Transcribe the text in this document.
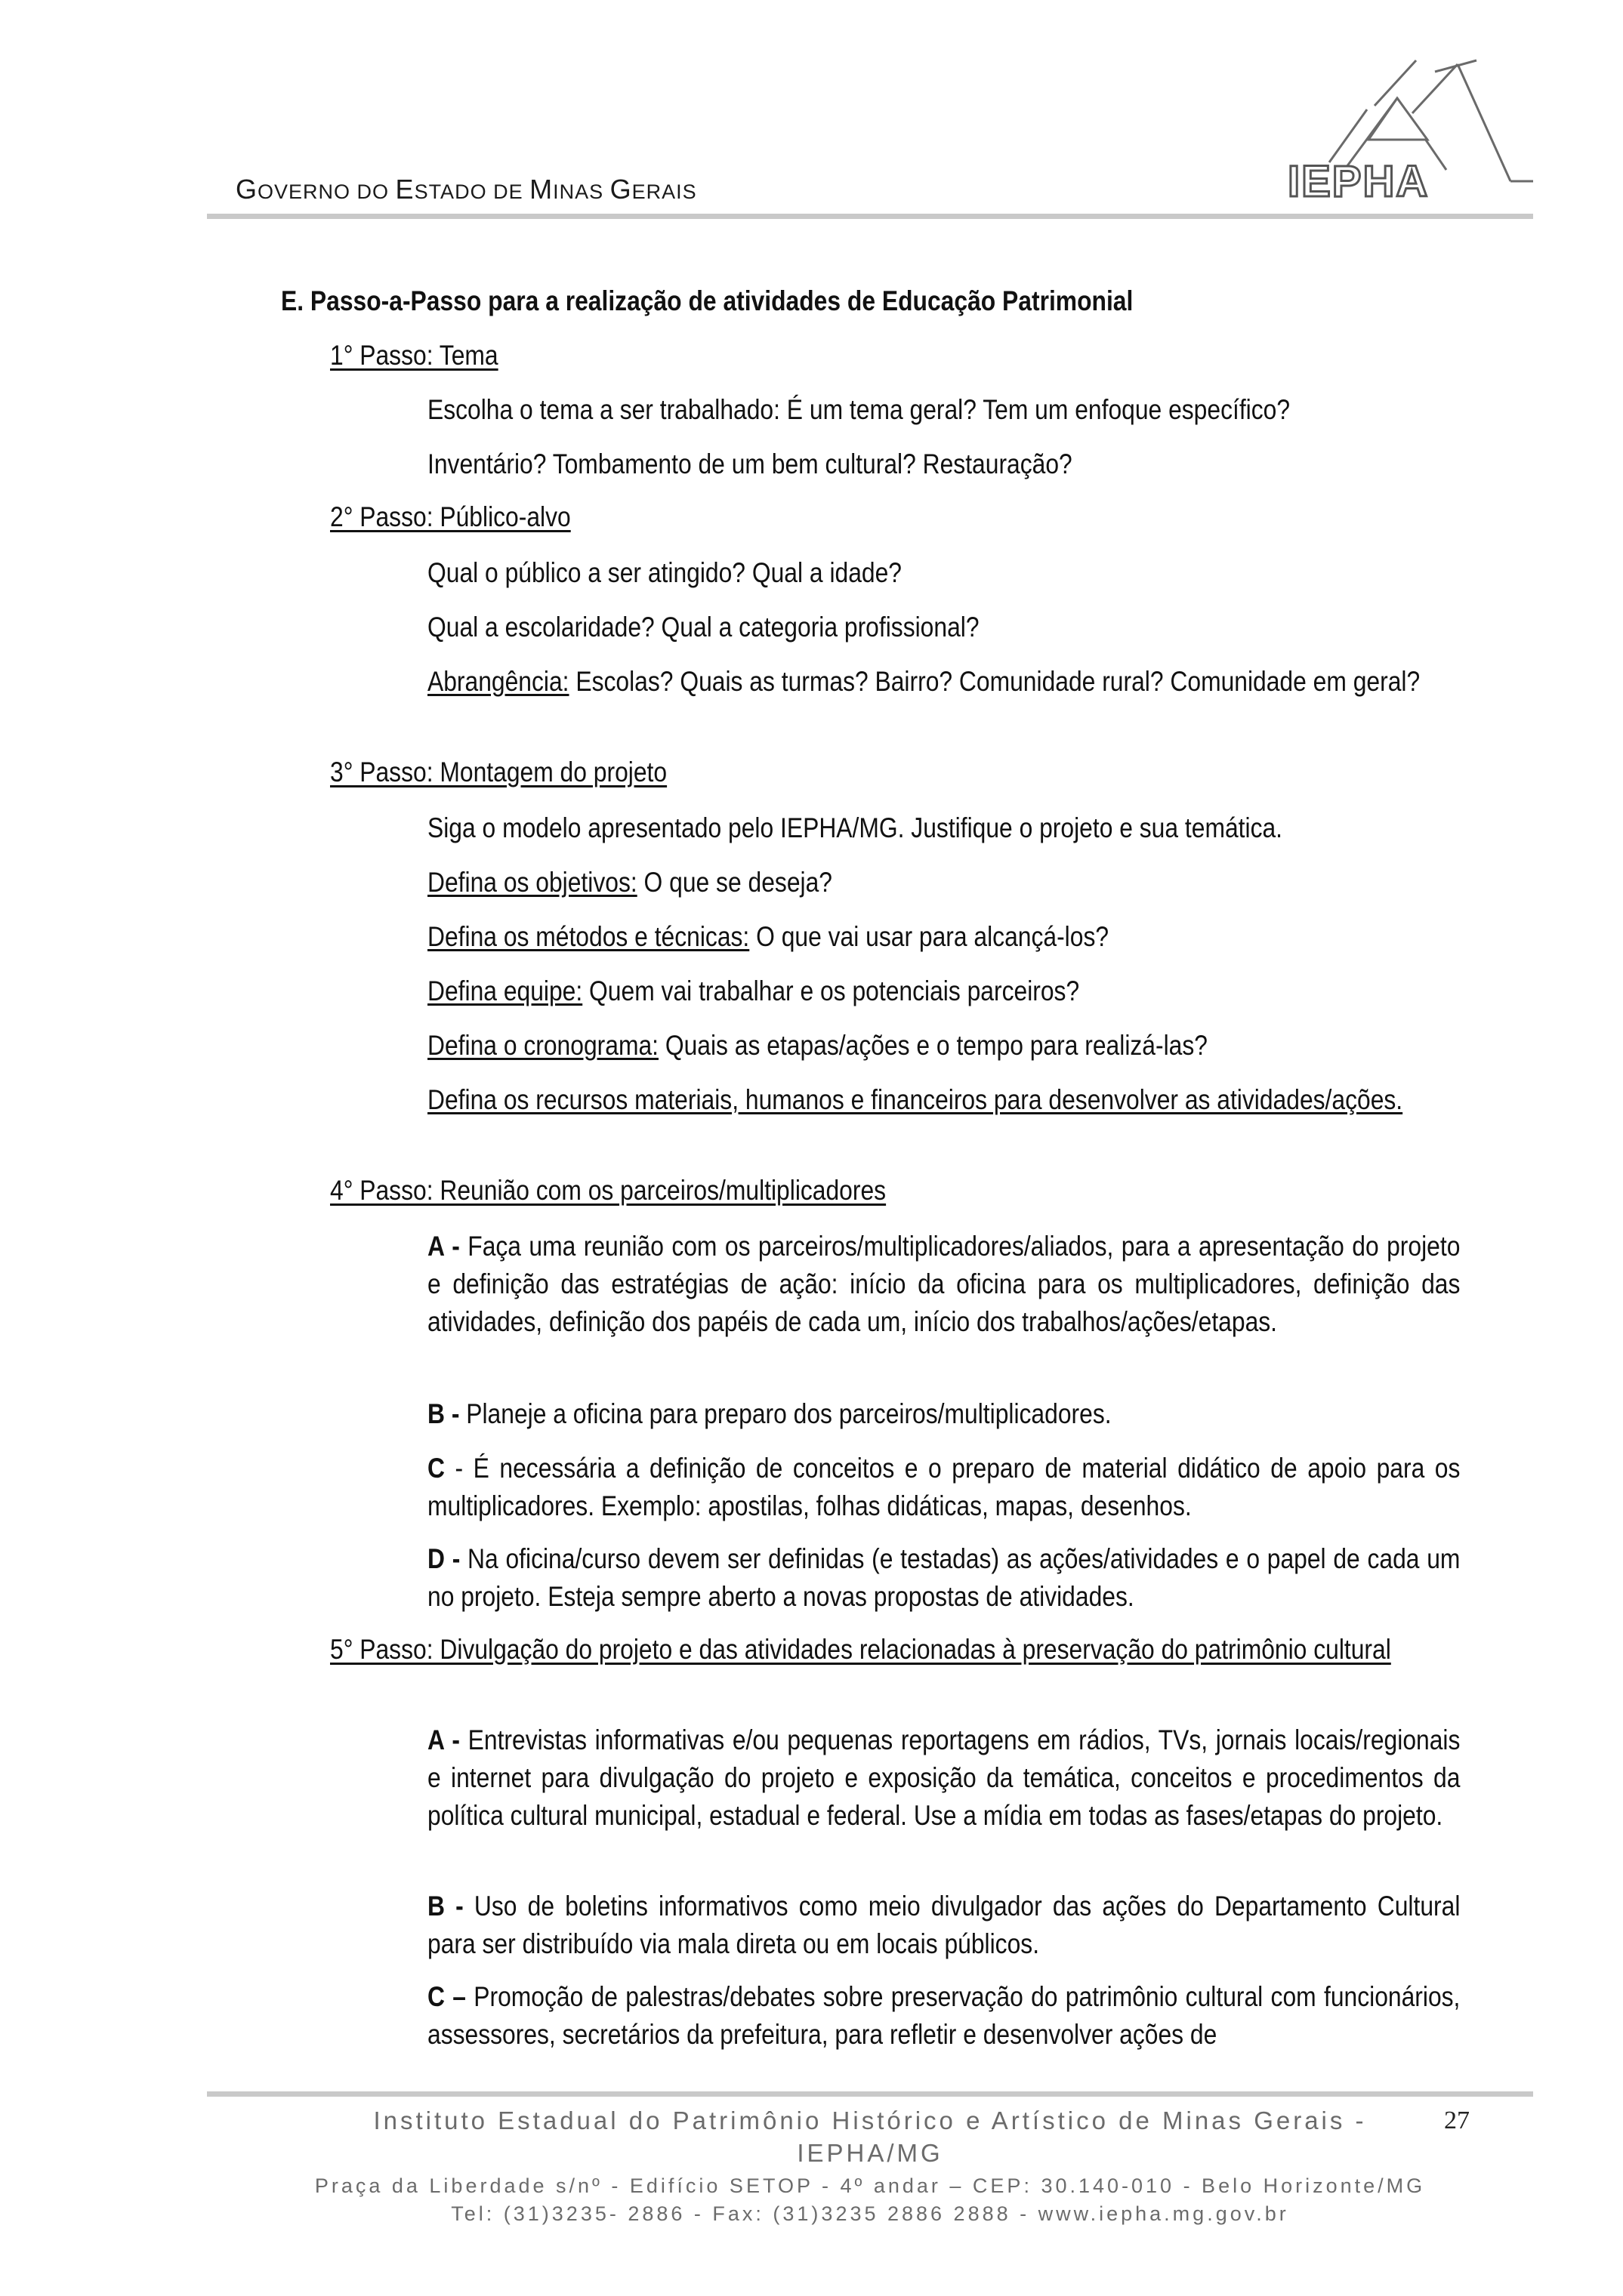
GOVERNO DO ESTADO DE MINAS GERAIS	IEPHA
E. Passo-a-Passo para a realização de atividades de Educação Patrimonial
1° Passo: Tema
Escolha o tema a ser trabalhado: É um tema geral? Tem um enfoque específico?
Inventário? Tombamento de um bem cultural? Restauração?
2° Passo: Público-alvo
Qual o público a ser atingido? Qual a idade?
Qual a escolaridade? Qual a categoria profissional?
Abrangência: Escolas? Quais as turmas? Bairro? Comunidade rural? Comunidade em geral?
3° Passo: Montagem do projeto
Siga o modelo apresentado pelo IEPHA/MG. Justifique o projeto e sua temática.
Defina os objetivos: O que se deseja?
Defina os métodos e técnicas: O que vai usar para alcançá-los?
Defina equipe: Quem vai trabalhar e os potenciais parceiros?
Defina o cronograma: Quais as etapas/ações e o tempo para realizá-las?
Defina os recursos materiais, humanos e financeiros para desenvolver as atividades/ações.
4° Passo: Reunião com os parceiros/multiplicadores
A - Faça uma reunião com os parceiros/multiplicadores/aliados, para a apresentação do projeto e definição das estratégias de ação: início da oficina para os multiplicadores, definição das atividades, definição dos papéis de cada um, início dos trabalhos/ações/etapas.
B - Planeje a oficina para preparo dos parceiros/multiplicadores.
C - É necessária a definição de conceitos e o preparo de material didático de apoio para os multiplicadores. Exemplo: apostilas, folhas didáticas, mapas, desenhos.
D - Na oficina/curso devem ser definidas (e testadas) as ações/atividades e o papel de cada um no projeto. Esteja sempre aberto a novas propostas de atividades.
5° Passo: Divulgação do projeto e das atividades relacionadas à preservação do patrimônio cultural
A - Entrevistas informativas e/ou pequenas reportagens em rádios, TVs, jornais locais/regionais e internet para divulgação do projeto e exposição da temática, conceitos e procedimentos da política cultural municipal, estadual e federal. Use a mídia em todas as fases/etapas do projeto.
B - Uso de boletins informativos como meio divulgador das ações do Departamento Cultural para ser distribuído via mala direta ou em locais públicos.
C – Promoção de palestras/debates sobre preservação do patrimônio cultural com funcionários, assessores, secretários da prefeitura, para refletir e desenvolver ações de
Instituto Estadual do Patrimônio Histórico e Artístico de Minas Gerais -
IEPHA/MG
Praça da Liberdade s/nº - Edifício SETOP - 4º andar – CEP: 30.140-010 - Belo Horizonte/MG
Tel: (31)3235- 2886 - Fax: (31)3235 2886 2888 - www.iepha.mg.gov.br
27
